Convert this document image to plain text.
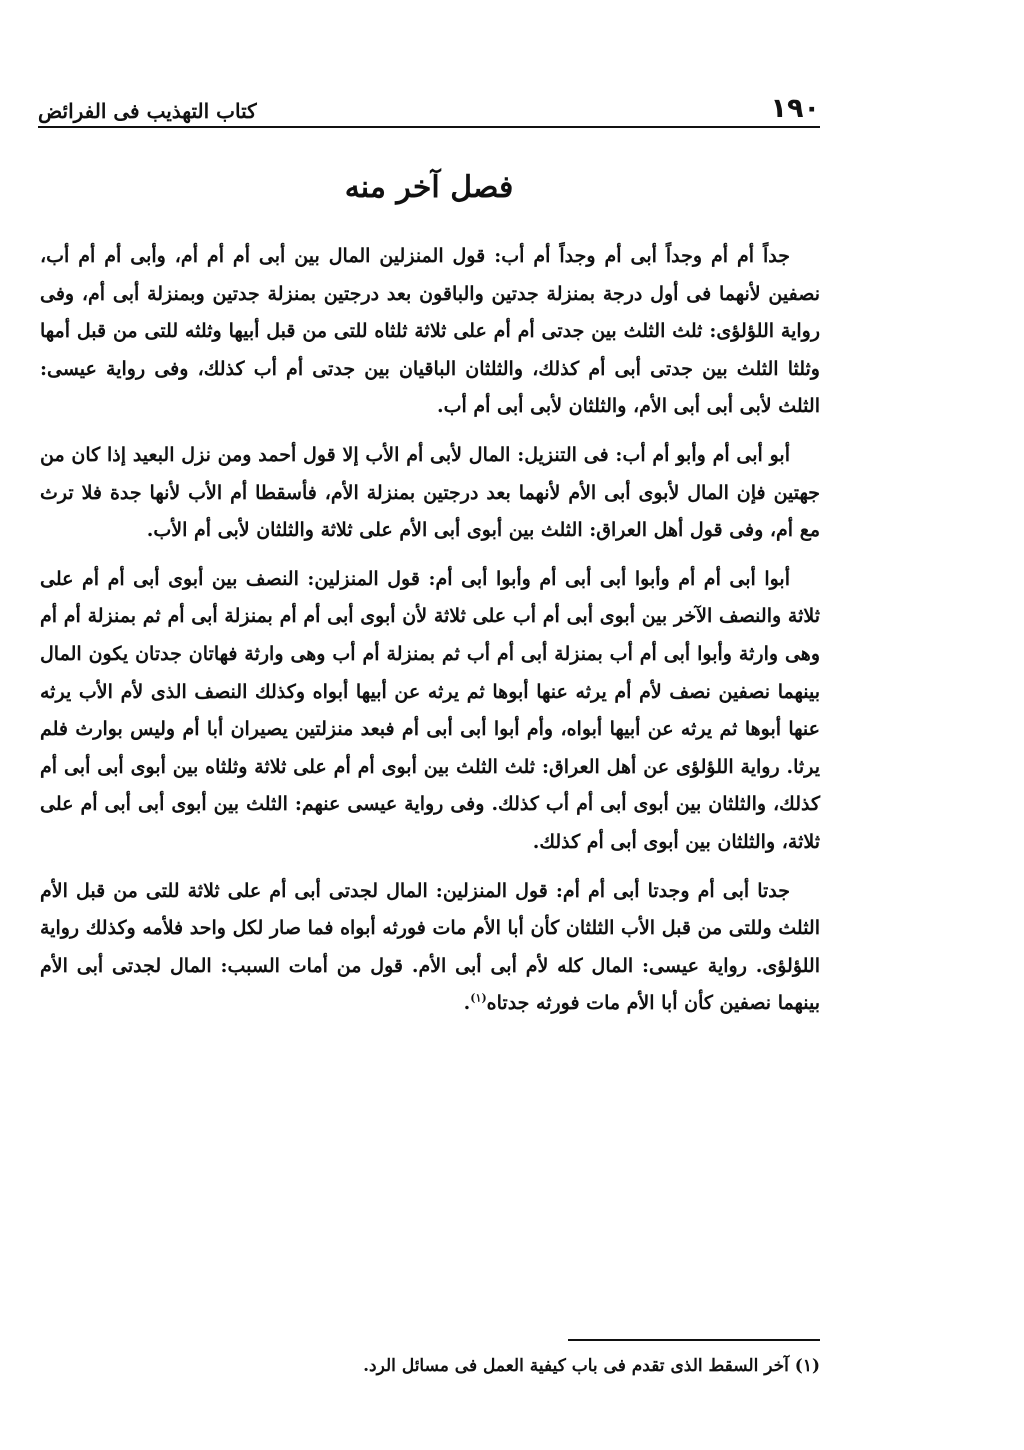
١٩٠
كتاب التهذيب فى الفرائض
فصل آخر منه

جداً أم أم وجداً أبى أم وجداً أم أب: قول المنزلين المال بين أبى أم أم أم، وأبى أم أم أب، نصفين لأنهما فى أول درجة بمنزلة جدتين والباقون بعد درجتين بمنزلة جدتين وبمنزلة أبى أم، وفى رواية اللؤلؤى: ثلث الثلث بين جدتى أم أم على ثلاثة ثلثاه للتى من قبل أبيها وثلثه للتى من قبل أمها وثلثا الثلث بين جدتى أبى أم كذلك، والثلثان الباقيان بين جدتى أم أب كذلك، وفى رواية عيسى: الثلث لأبى أبى أبى الأم، والثلثان لأبى أبى أم أب.

أبو أبى أم وأبو أم أب: فى التنزيل: المال لأبى أم الأب إلا قول أحمد ومن نزل البعيد إذا كان من جهتين فإن المال لأبوى أبى الأم لأنهما بعد درجتين بمنزلة الأم، فأسقطا أم الأب لأنها جدة فلا ترث مع أم، وفى قول أهل العراق: الثلث بين أبوى أبى الأم على ثلاثة والثلثان لأبى أم الأب.

أبوا أبى أم أم وأبوا أبى أبى أم وأبوا أبى أم: قول المنزلين: النصف بين أبوى أبى أم أم على ثلاثة والنصف الآخر بين أبوى أبى أم أب على ثلاثة لأن أبوى أبى أم أم بمنزلة أبى أم ثم بمنزلة أم أم وهى وارثة وأبوا أبى أم أب بمنزلة أبى أم أب ثم بمنزلة أم أب وهى وارثة فهاتان جدتان يكون المال بينهما نصفين نصف لأم أم يرثه عنها أبوها ثم يرثه عن أبيها أبواه وكذلك النصف الذى لأم الأب يرثه عنها أبوها ثم يرثه عن أبيها أبواه، وأم أبوا أبى أبى أم فبعد منزلتين يصيران أبا أم وليس بوارث فلم يرثا. رواية اللؤلؤى عن أهل العراق: ثلث الثلث بين أبوى أم أم على ثلاثة وثلثاه بين أبوى أبى أبى أم كذلك، والثلثان بين أبوى أبى أم أب كذلك. وفى رواية عيسى عنهم: الثلث بين أبوى أبى أبى أم على ثلاثة، والثلثان بين أبوى أبى أم كذلك.

جدتا أبى أم وجدتا أبى أم أم: قول المنزلين: المال لجدتى أبى أم على ثلاثة للتى من قبل الأم الثلث وللتى من قبل الأب الثلثان كأن أبا الأم مات فورثه أبواه فما صار لكل واحد فلأمه وكذلك رواية اللؤلؤى. رواية عيسى: المال كله لأم أبى أبى الأم. قول من أمات السبب: المال لجدتى أبى الأم بينهما نصفين كأن أبا الأم مات فورثه جدتاه$^{(١)}$.

(١) آخر السقط الذى تقدم فى باب كيفية العمل فى مسائل الرد.
